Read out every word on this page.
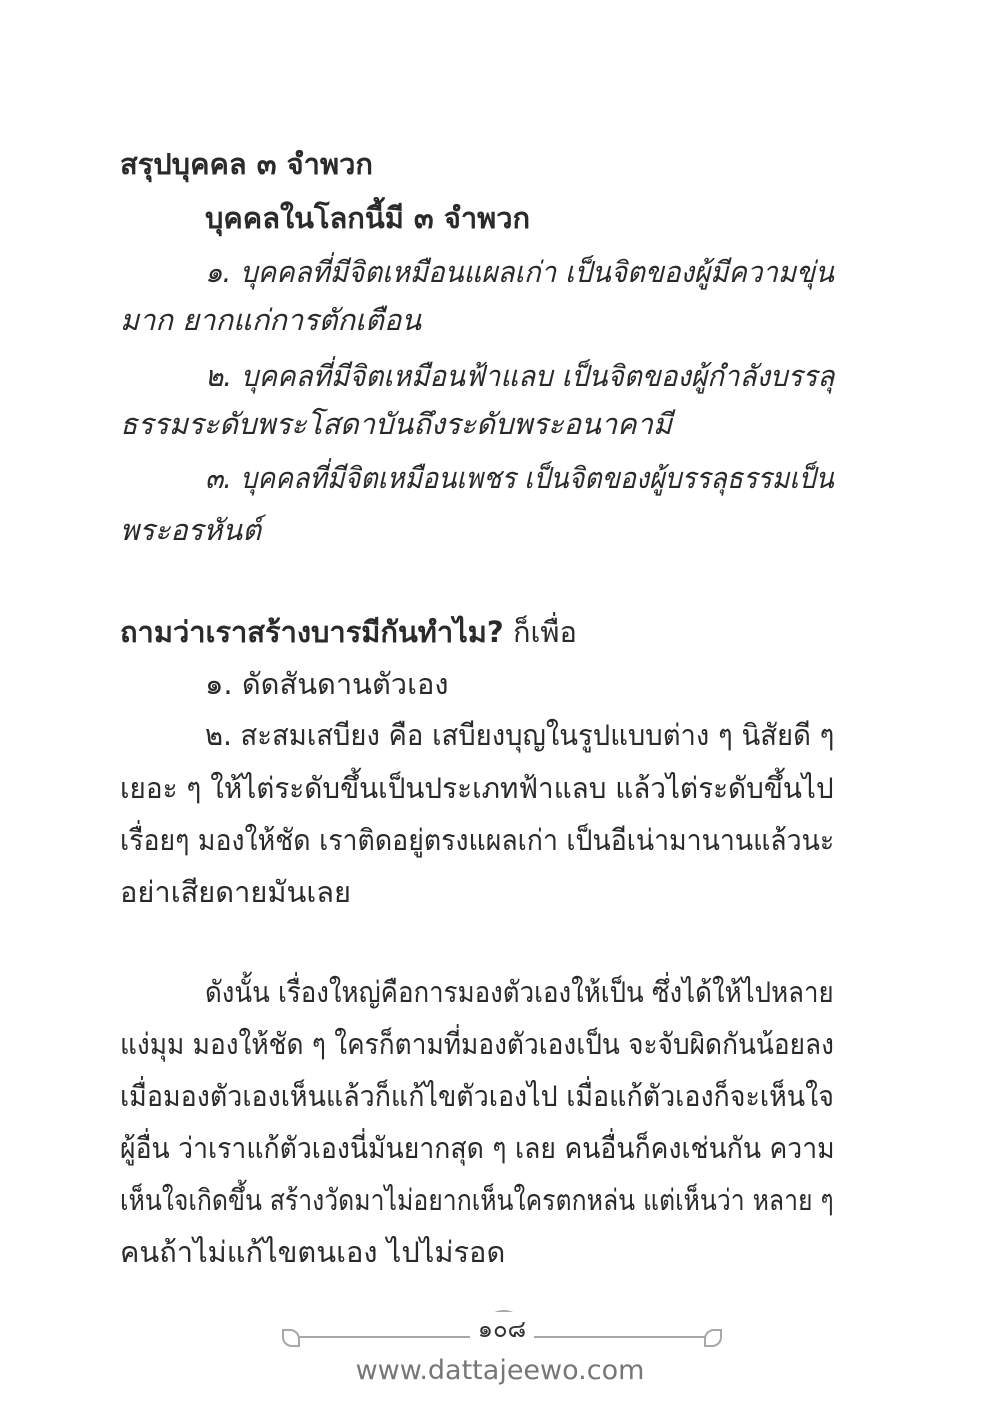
สรุปบุคคล ๓ จำพวก
บุคคลในโลกนี้มี ๓ จำพวก
๑. บุคคลที่มีจิตเหมือนแผลเก่า เป็นจิตของผู้มีความขุ่น
มาก ยากแก่การตักเตือน
๒. บุคคลที่มีจิตเหมือนฟ้าแลบ เป็นจิตของผู้กำลังบรรลุ
ธรรมระดับพระโสดาบันถึงระดับพระอนาคามี
๓. บุคคลที่มีจิตเหมือนเพชร เป็นจิตของผู้บรรลุธรรมเป็น
พระอรหันต์
ถามว่าเราสร้างบารมีกันทำไม? ก็เพื่อ
๑. ดัดสันดานตัวเอง
๒. สะสมเสบียง คือ เสบียงบุญในรูปแบบต่าง ๆ นิสัยดี ๆ
เยอะ ๆ ให้ไต่ระดับขึ้นเป็นประเภทฟ้าแลบ แล้วไต่ระดับขึ้นไป
เรื่อยๆ มองให้ชัด เราติดอยู่ตรงแผลเก่า เป็นอีเน่ามานานแล้วนะ
อย่าเสียดายมันเลย
ดังนั้น เรื่องใหญ่คือการมองตัวเองให้เป็น ซึ่งได้ให้ไปหลาย
แง่มุม มองให้ชัด ๆ ใครก็ตามที่มองตัวเองเป็น จะจับผิดกันน้อยลง
เมื่อมองตัวเองเห็นแล้วก็แก้ไขตัวเองไป เมื่อแก้ตัวเองก็จะเห็นใจ
ผู้อื่น ว่าเราแก้ตัวเองนี่มันยากสุด ๆ เลย คนอื่นก็คงเช่นกัน ความ
เห็นใจเกิดขึ้น สร้างวัดมาไม่อยากเห็นใครตกหล่น แต่เห็นว่า หลาย ๆ
คนถ้าไม่แก้ไขตนเอง ไปไม่รอด
๑๐๘
www.dattajeewo.com
